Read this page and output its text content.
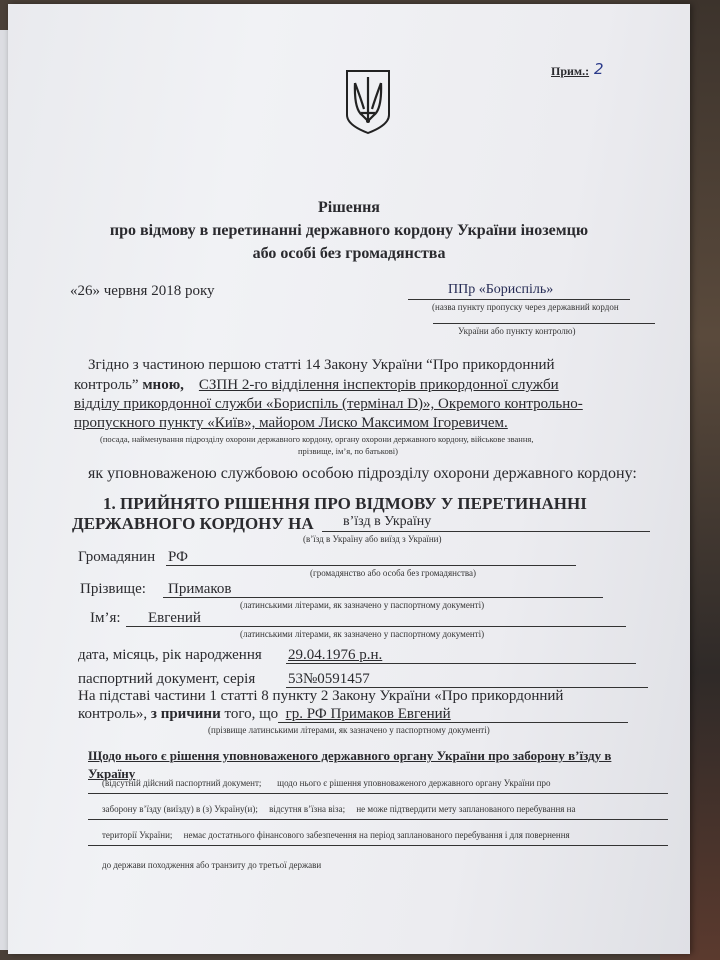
Прим.: 2
Рішення
про відмову в перетинанні державного кордону України іноземцю
або особі без громадянства
«26» червня 2018 року	ППр «Бориспіль»
(назва пункту пропуску через державний кордон
України або пункту контролю)
Згідно з частиною першою статті 14 Закону України “Про прикордонний
контроль” мною, СЗПН 2-го відділення інспекторів прикордонної служби
відділу прикордонної служби «Бориспіль (термінал D)», Окремого контрольно-
пропускного пункту «Київ», майором Лиско Максимом Ігоревичем.
(посада, найменування підрозділу охорони державного кордону, органу охорони державного кордону, військове звання,
прізвище, ім’я, по батькові)
як уповноваженою службовою особою підрозділу охорони державного кордону:
1. ПРИЙНЯТО РІШЕННЯ ПРО ВІДМОВУ У ПЕРЕТИНАННІ
ДЕРЖАВНОГО КОРДОНУ НА в’їзд в Україну
(в’їзд в Україну або виїзд з України)
Громадянин РФ
(громадянство або особа без громадянства)
Прізвище: Примаков
(латинськими літерами, як зазначено у паспортному документі)
Ім’я: Евгений
(латинськими літерами, як зазначено у паспортному документі)
дата, місяць, рік народження 29.04.1976 р.н.
паспортний документ, серія 53№0591457
На підставі частини 1 статті 8 пункту 2 Закону України «Про прикордонний
контроль», з причини того, що гр. РФ Примаков Евгений
(прізвище латинськими літерами, як зазначено у паспортному документі)
Щодо нього є рішення уповноваженого державного органу України про заборону в’їзду в
Україну
(відсутній дійсний паспортний документ; щодо нього є рішення уповноваженого державного органу України про
заборону в’їзду (виїзду) в (з) Україну(и); відсутня в’їзна віза; не може підтвердити мету запланованого перебування на
території України; немає достатнього фінансового забезпечення на період запланованого перебування і для повернення
до держави походження або транзиту до третьої держави
